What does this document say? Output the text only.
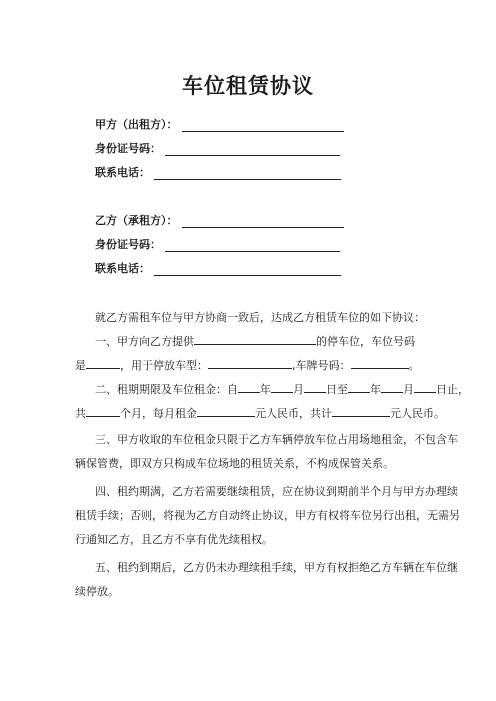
车位租赁协议
甲方（出租方）：
身份证号码：
联系电话：
乙方（承租方）：
身份证号码：
联系电话：
就乙方需租车位与甲方协商一致后，达成乙方租赁车位的如下协议：
一、甲方向乙方提供	的停车位，车位号码
是	，用于停放车型：	,车牌号码：	。
二、租期期限及车位租金：自 年 月 日至 年 月 日止，
共	个月，每月租金	元人民币，共计	元人民币。
三、甲方收取的车位租金只限于乙方车辆停放车位占用场地租金，不包含车
辆保管费，即双方只构成车位场地的租赁关系，不构成保管关系。
四、租约期满，乙方若需要继续租赁，应在协议到期前半个月与甲方办理续
租赁手续；否则，将视为乙方自动终止协议，甲方有权将车位另行出租，无需另
行通知乙方，且乙方不享有优先续租权。
五、租约到期后，乙方仍未办理续租手续，甲方有权拒绝乙方车辆在车位继
续停放。
